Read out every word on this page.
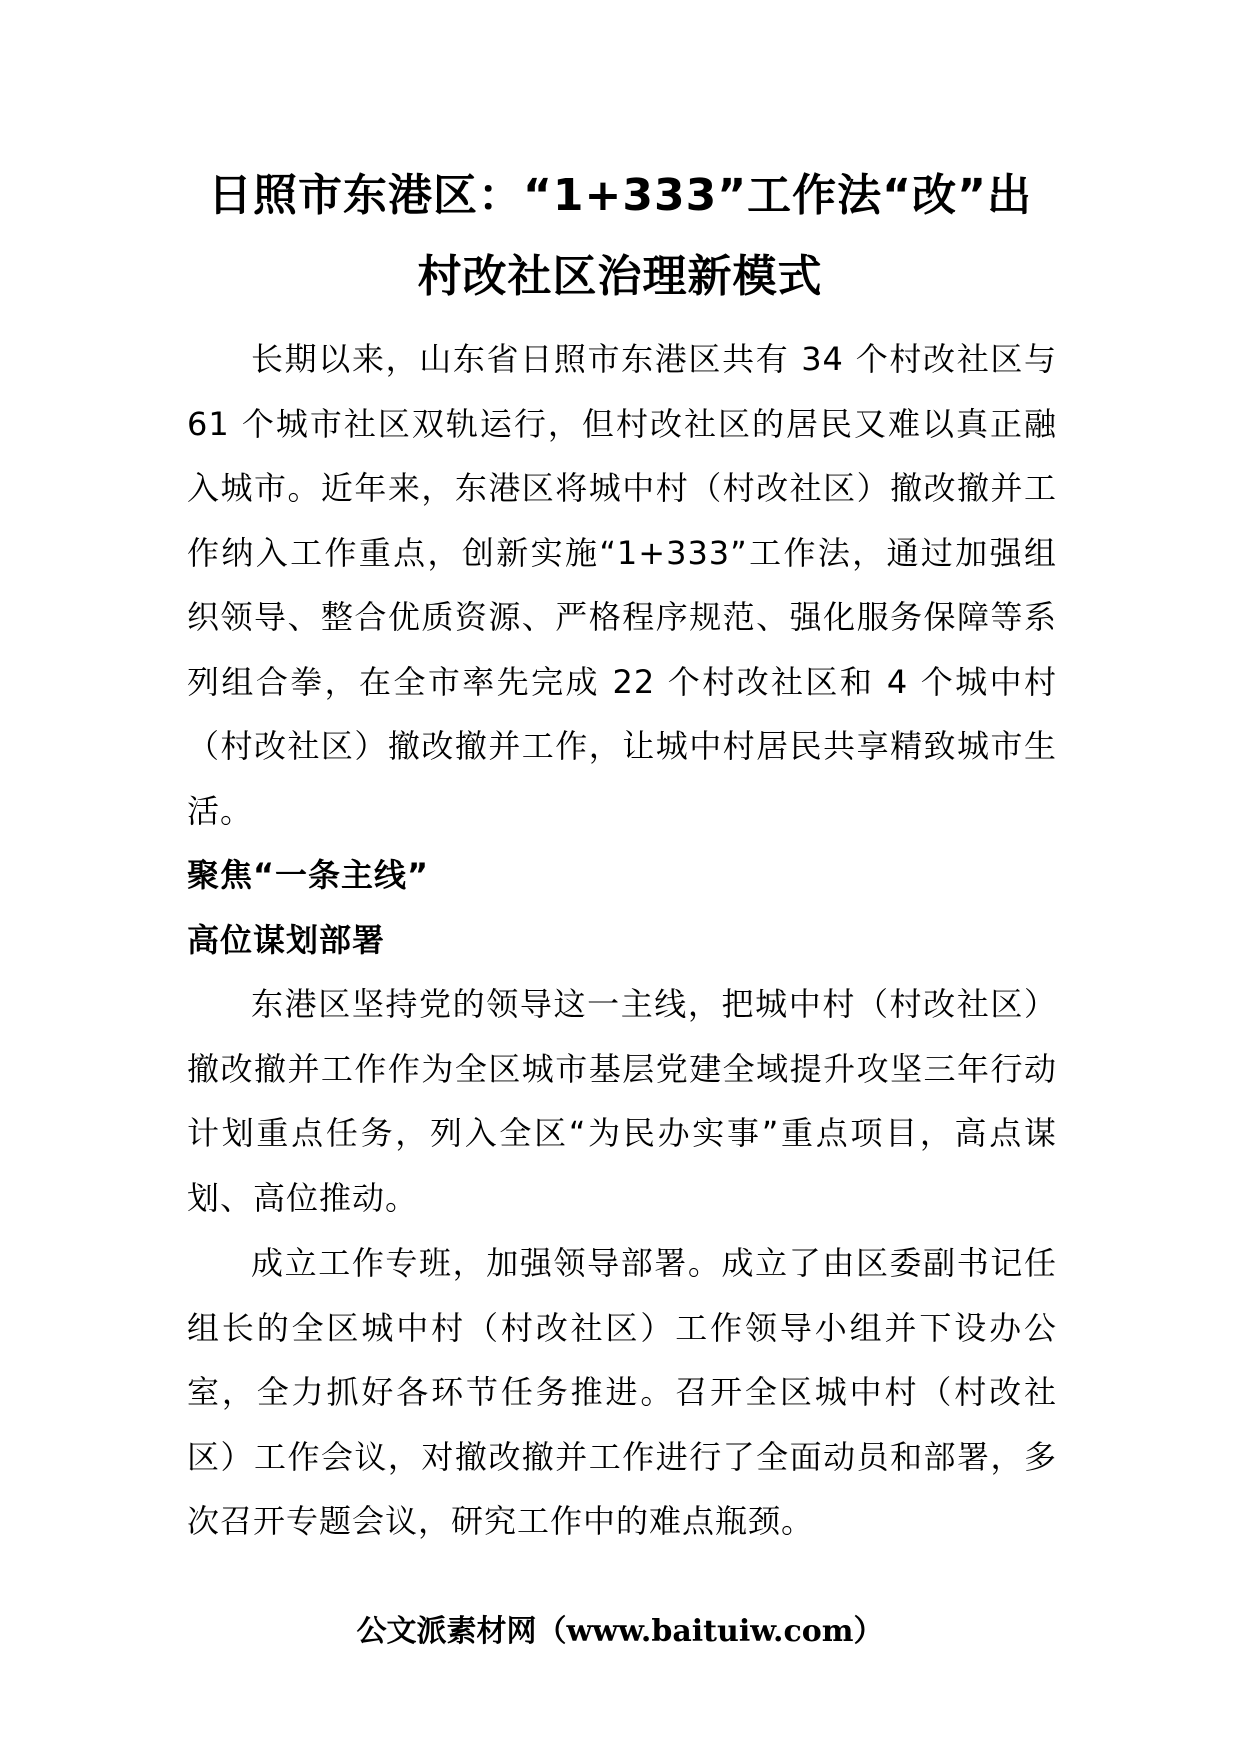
日照市东港区：“1+333”工作法“改”出
村改社区治理新模式

长期以来，山东省日照市东港区共有 34 个村改社区与 61 个城市社区双轨运行，但村改社区的居民又难以真正融入城市。近年来，东港区将城中村（村改社区）撤改撤并工作纳入工作重点，创新实施“1+333”工作法，通过加强组织领导、整合优质资源、严格程序规范、强化服务保障等系列组合拳，在全市率先完成 22 个村改社区和 4 个城中村（村改社区）撤改撤并工作，让城中村居民共享精致城市生活。

聚焦“一条主线”

高位谋划部署

东港区坚持党的领导这一主线，把城中村（村改社区）撤改撤并工作作为全区城市基层党建全域提升攻坚三年行动计划重点任务，列入全区“为民办实事”重点项目，高点谋划、高位推动。

成立工作专班，加强领导部署。成立了由区委副书记任组长的全区城中村（村改社区）工作领导小组并下设办公室，全力抓好各环节任务推进。召开全区城中村（村改社区）工作会议，对撤改撤并工作进行了全面动员和部署，多次召开专题会议，研究工作中的难点瓶颈。

公文派素材网（www.baituiw.com）
